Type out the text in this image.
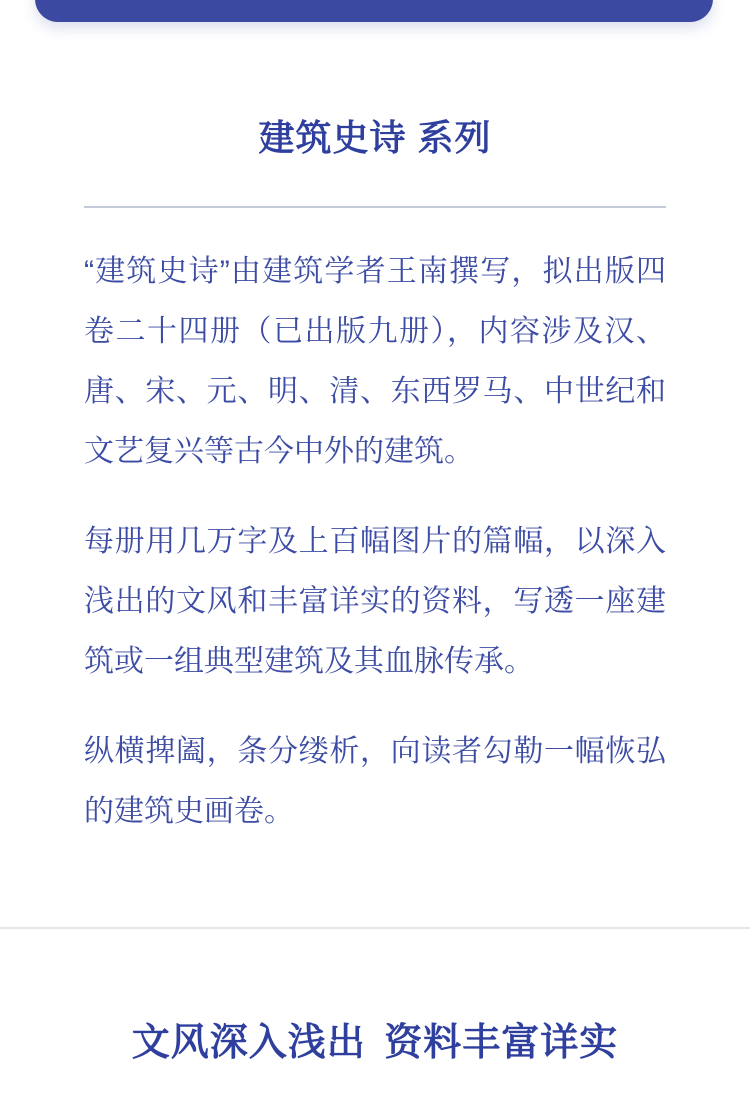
建筑史诗 系列

“建筑史诗”由建筑学者王南撰写，拟出版四卷二十四册（已出版九册），内容涉及汉、唐、宋、元、明、清、东西罗马、中世纪和文艺复兴等古今中外的建筑。

每册用几万字及上百幅图片的篇幅，以深入浅出的文风和丰富详实的资料，写透一座建筑或一组典型建筑及其血脉传承。

纵横捭阖，条分缕析，向读者勾勒一幅恢弘的建筑史画卷。

文风深入浅出 资料丰富详实
